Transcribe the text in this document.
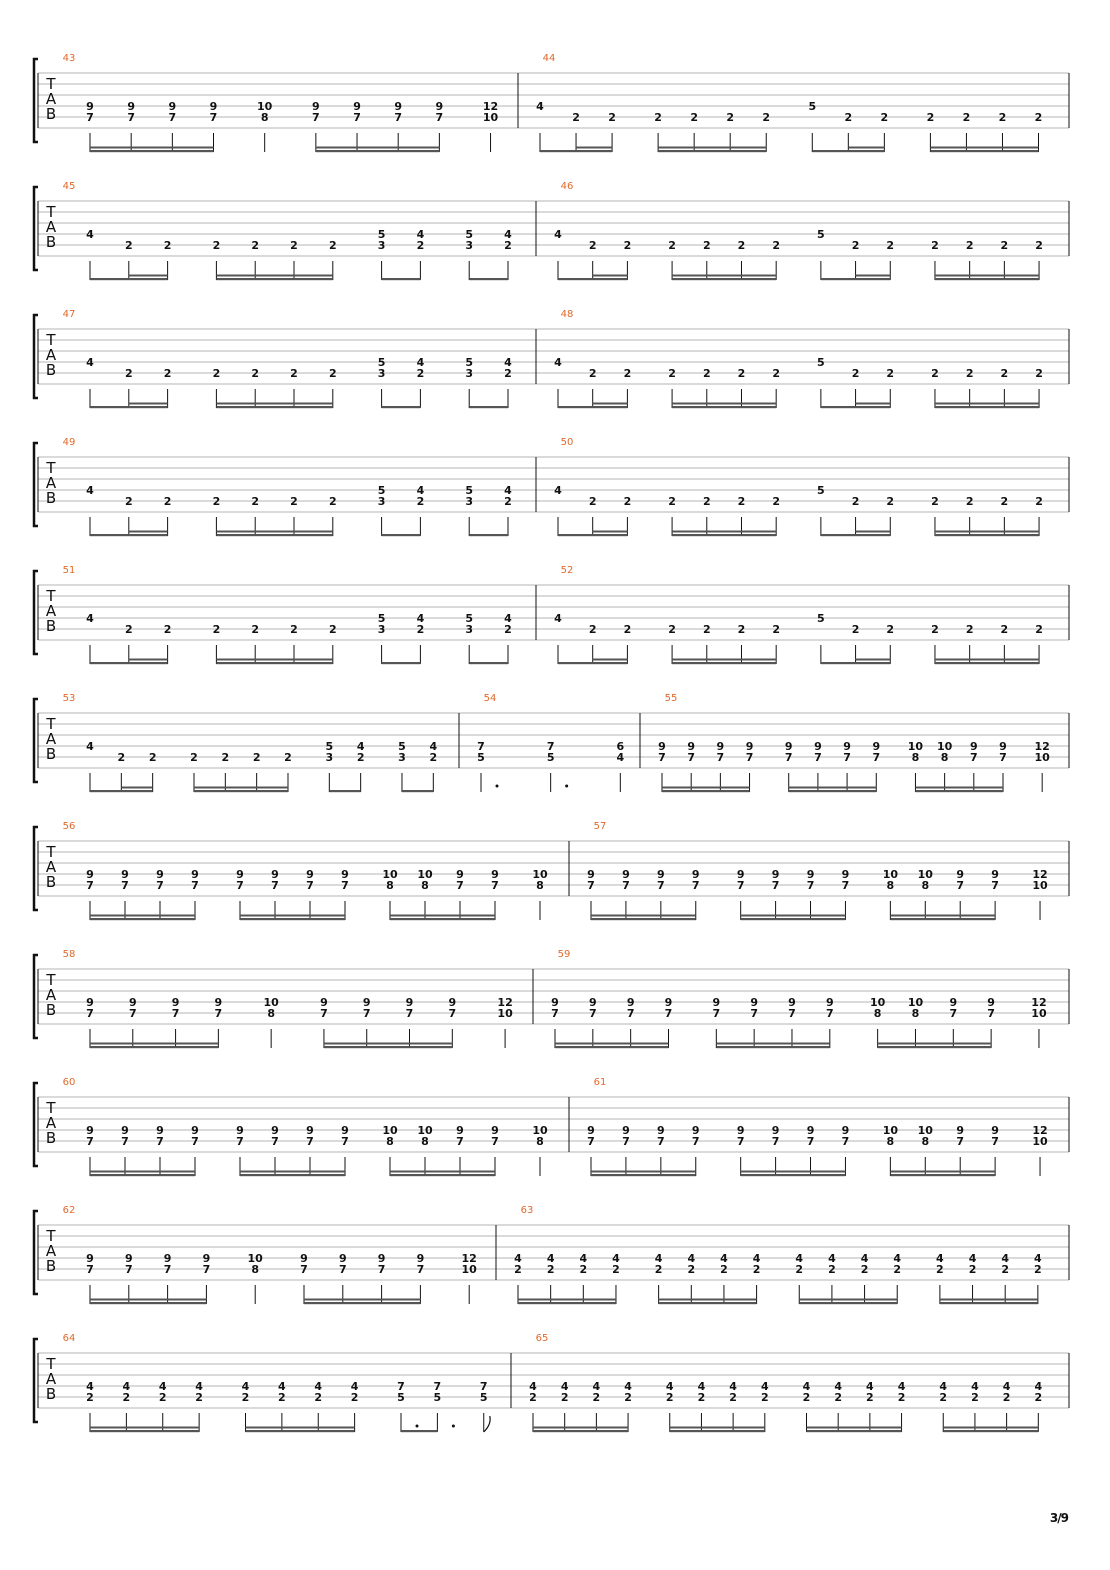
T
A
B
43
9
7
9
7
9
7
9
7
10
8
9
7
9
7
9
7
9
7
12
10
44
4
2	2	2	2	2	2
5
2	2	2	2	2	2
T
A
B
45
4
2	2	2	2	2	2
5
3
4
2
5
3
4
2
46
4
2 2	2 2 2 2
5
2 2	2 2 2 2
T
A
B
47
4
2	2	2	2	2	2
5
3
4
2
5
3
4
2
48
4
2 2	2 2 2 2
5
2 2	2 2 2 2
T
A
B
49
4
2	2	2	2	2	2
5
3
4
2
5
3
4
2
50
4
2 2	2 2 2 2
5
2 2	2 2 2 2
T
A
B
51
4
2	2	2	2	2	2
5
3
4
2
5
3
4
2
52
4
2 2	2 2 2 2
5
2 2	2 2 2 2
T
A
B
53
4
2 2	2 2 2 2
5
3
4
2
5
3
4
2
54
7
5
7
5
6
4
55
9
7
9
7
9
7
9
7
9
7
9
7
9
7
9
7
10
8
10
8
9
7
9
7
12
10
T
A
B
56
9
7
9
7
9
7
9
7
9
7
9
7
9
7
9
7
10
8
10
8
9
7
9
7
10
8
57
9
7
9
7
9
7
9
7
9
7
9
7
9
7
9
7
10
8
10
8
9
7
9
7
12
10
T
A
B
58
9
7
9
7
9
7
9
7
10
8
9
7
9
7
9
7
9
7
12
10
59
9
7
9
7
9
7
9
7
9
7
9
7
9
7
9
7
10
8
10
8
9
7
9
7
12
10
T
A
B
60
9
7
9
7
9
7
9
7
9
7
9
7
9
7
9
7
10
8
10
8
9
7
9
7
10
8
61
9
7
9
7
9
7
9
7
9
7
9
7
9
7
9
7
10
8
10
8
9
7
9
7
12
10
T
A
B
62
9
7
9
7
9
7
9
7
10
8
9
7
9
7
9
7
9
7
12
10
63
4
2
4
2
4
2
4
2
4
2
4
2
4
2
4
2
4
2
4
2
4
2
4
2
4
2
4
2
4
2
4
2
T
A
B
64
4
2
4
2
4
2
4
2
4
2
4
2
4
2
4
2
7
5
7
5
7
5
65
4
2
4
2
4
2
4
2
4
2
4
2
4
2
4
2
4
2
4
2
4
2
4
2
4
2
4
2
4
2
4
2
3/9
